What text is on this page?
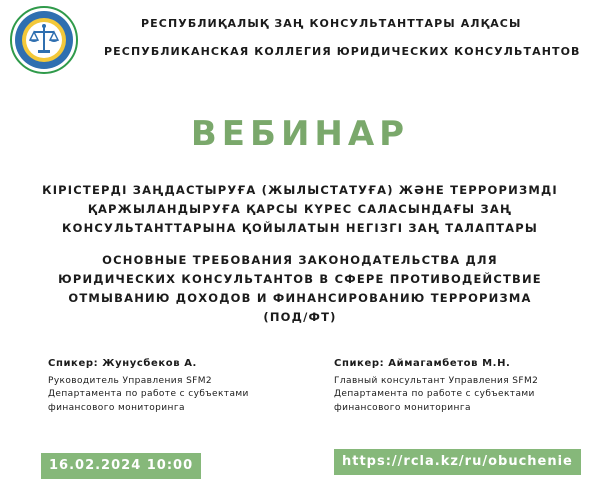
РЕСПУБЛИҚАЛЫҚ ЗАҢ КОНСУЛЬТАНТТАРЫ АЛҚАСЫ
РЕСПУБЛИКАНСКАЯ КОЛЛЕГИЯ ЮРИДИЧЕСКИХ КОНСУЛЬТАНТОВ
ВЕБИНАР
КІРІСТЕРДІ ЗАҢДАСТЫРУҒА (ЖЫЛЫСТАТУҒА) ЖӘНЕ ТЕРРОРИЗМДІ
ҚАРЖЫЛАНДЫРУҒА ҚАРСЫ КҮРЕС САЛАСЫНДАҒЫ ЗАҢ
КОНСУЛЬТАНТТАРЫНА ҚОЙЫЛАТЫН НЕГІЗГІ ЗАҢ ТАЛАПТАРЫ
ОСНОВНЫЕ ТРЕБОВАНИЯ ЗАКОНОДАТЕЛЬСТВА ДЛЯ
ЮРИДИЧЕСКИХ КОНСУЛЬТАНТОВ В СФЕРЕ ПРОТИВОДЕЙСТВИЕ
ОТМЫВАНИЮ ДОХОДОВ И ФИНАНСИРОВАНИЮ ТЕРРОРИЗМА
(ПОД/ФТ)
Спикер: Жунусбеков А.
Руководитель Управления SFM2
Департамента по работе с субъектами
финансового мониторинга
Спикер: Аймагамбетов М.Н.
Главный консультант Управления SFM2
Департамента по работе с субъектами
финансового мониторинга
16.02.2024 10:00	https://rcla.kz/ru/obuchenie
